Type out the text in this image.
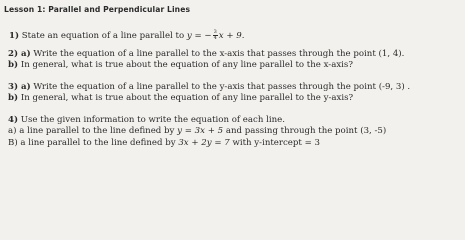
Lesson 1: Parallel and Perpendicular Lines
1) State an equation of a line parallel to y = − $\frac{3}{4}$ x + 9.
2) a) Write the equation of a line parallel to the x-axis that passes through the point (1, 4).
b) In general, what is true about the equation of any line parallel to the x-axis?
3) a) Write the equation of a line parallel to the y-axis that passes through the point (-9, 3) .
b) In general, what is true about the equation of any line parallel to the y-axis?
4) Use the given information to write the equation of each line.
a) a line parallel to the line defined by y = 3x + 5 and passing through the point (3, -5)
B) a line parallel to the line defined by 3x + 2y = 7 with y-intercept = 3
